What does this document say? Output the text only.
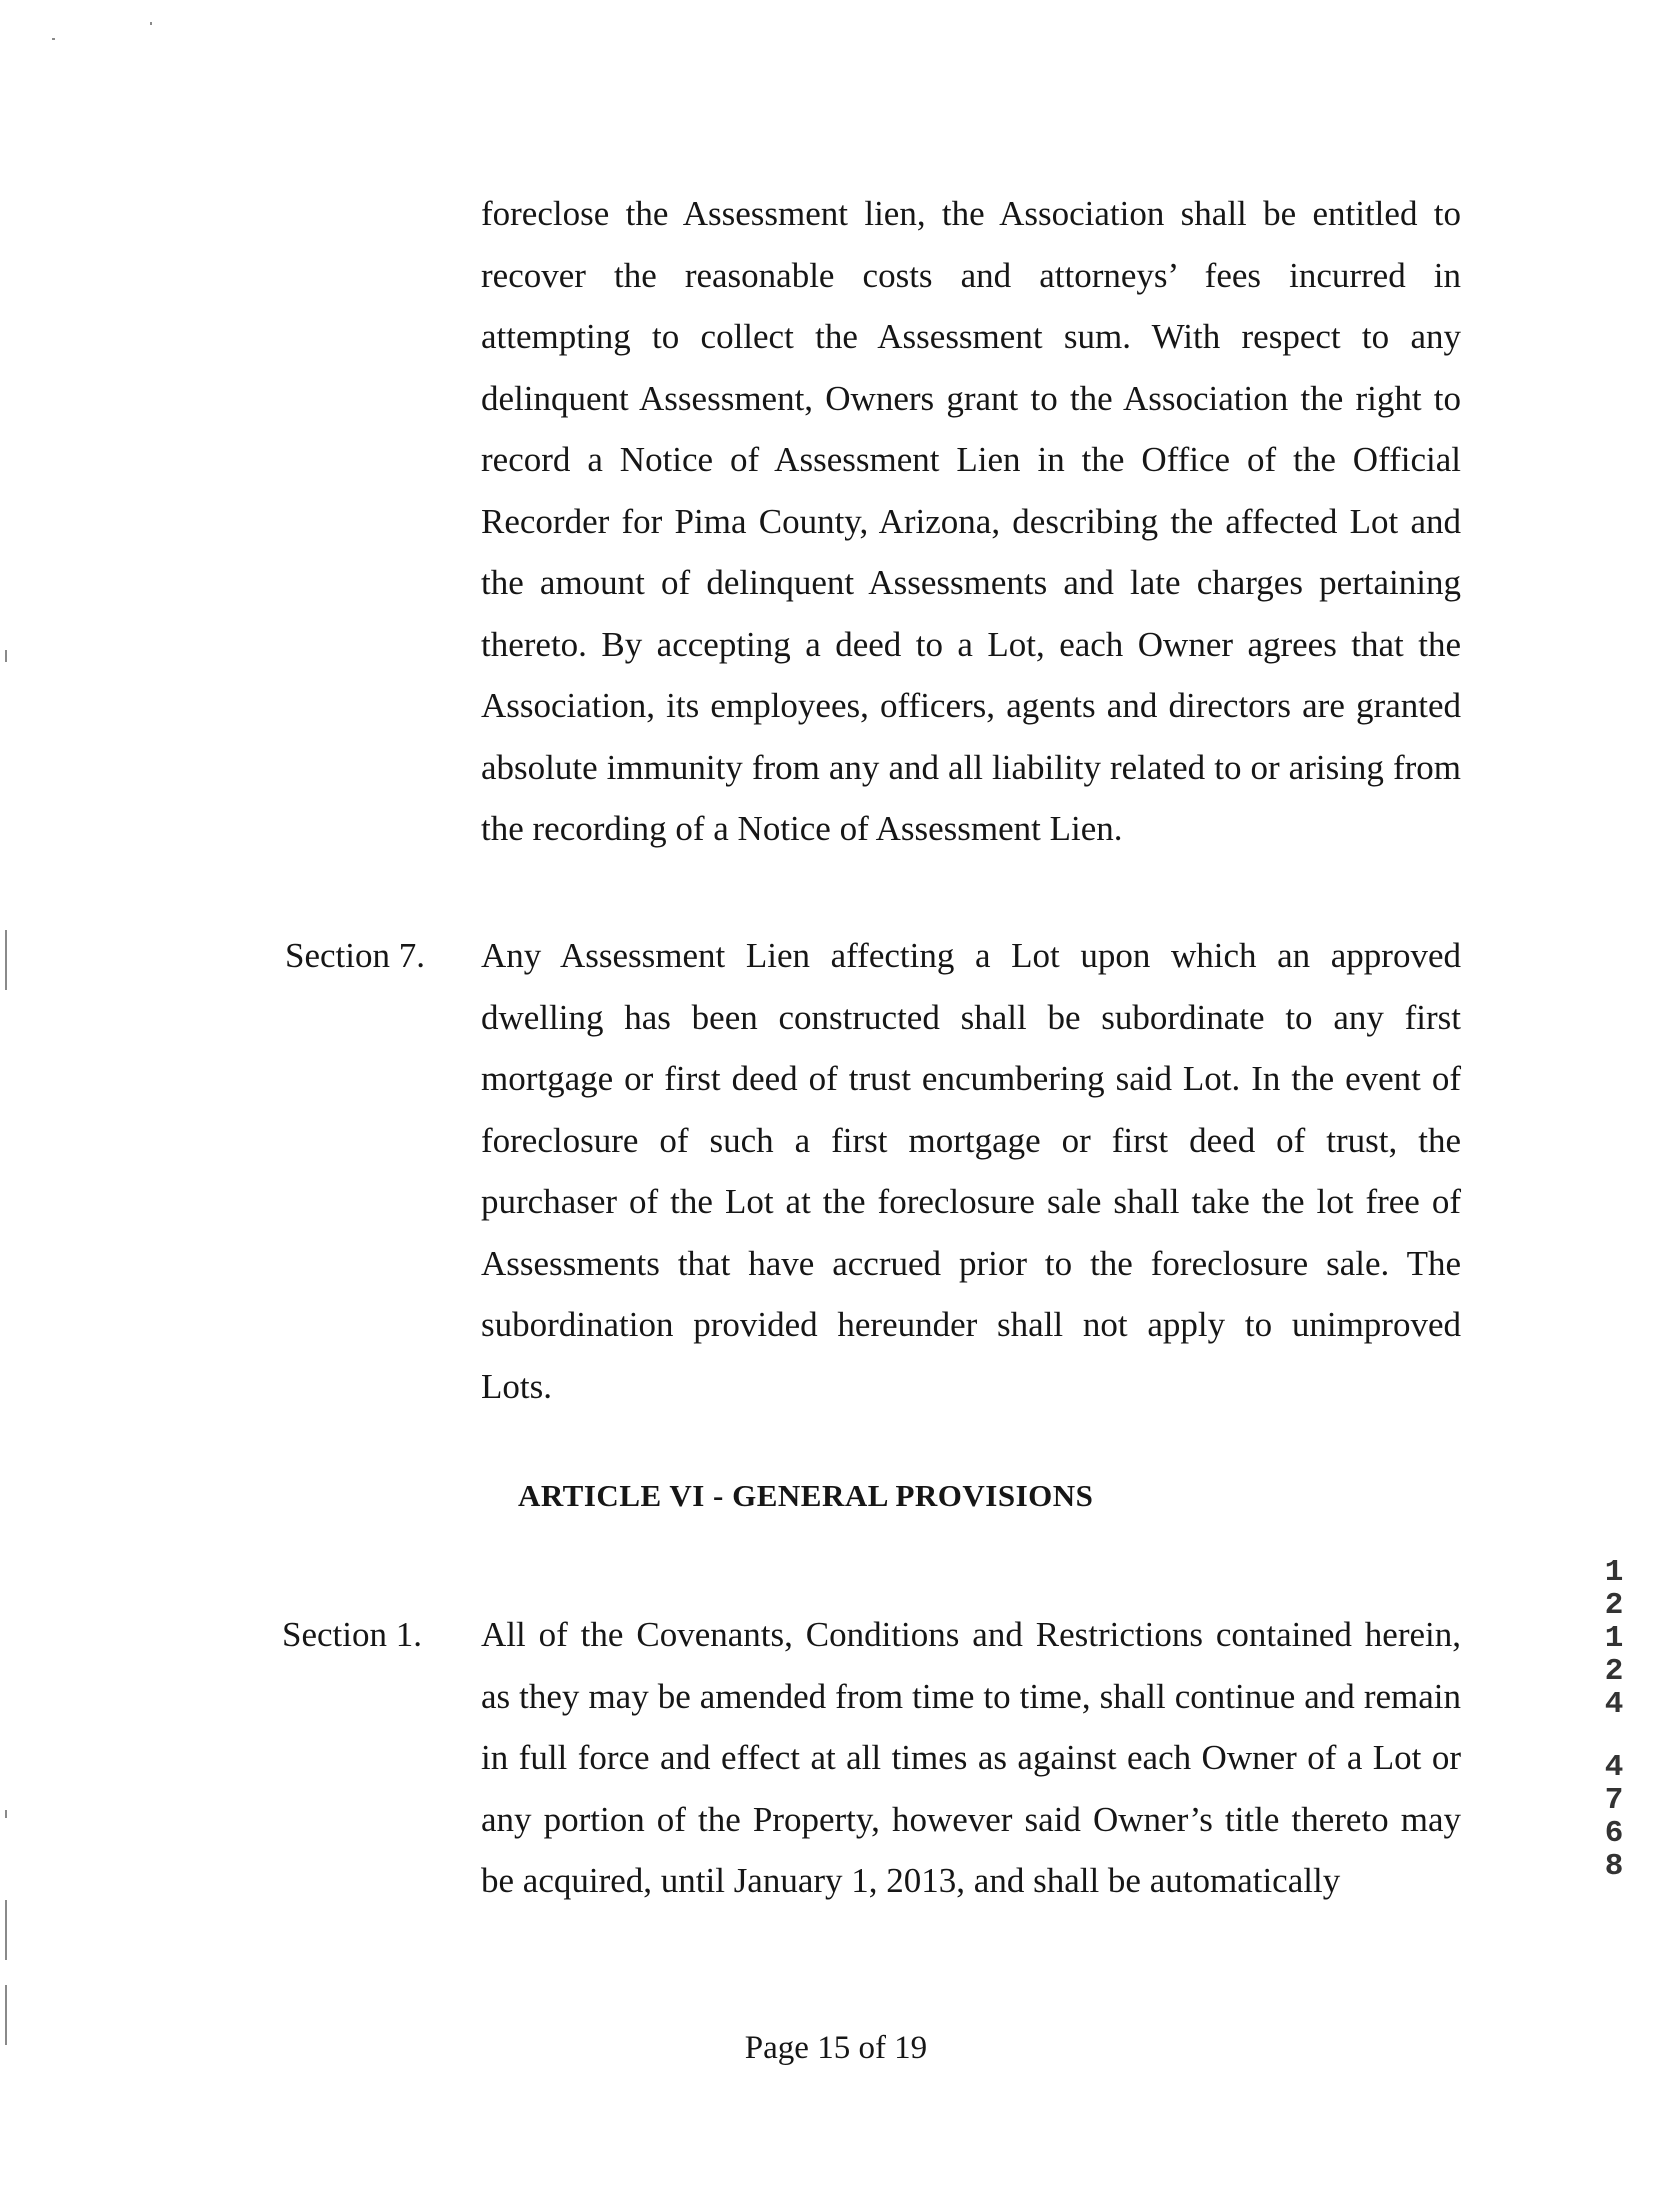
foreclose the Assessment lien, the Association shall be entitled to recover the reasonable costs and attorneys’ fees incurred in attempting to collect the Assessment sum. With respect to any delinquent Assessment, Owners grant to the Association the right to record a Notice of Assessment Lien in the Office of the Official Recorder for Pima County, Arizona, describing the affected Lot and the amount of delinquent Assessments and late charges pertaining thereto. By accepting a deed to a Lot, each Owner agrees that the Association, its employees, officers, agents and directors are granted absolute immunity from any and all liability related to or arising from the recording of a Notice of Assessment Lien.
Section 7. Any Assessment Lien affecting a Lot upon which an approved dwelling has been constructed shall be subordinate to any first mortgage or first deed of trust encumbering said Lot. In the event of foreclosure of such a first mortgage or first deed of trust, the purchaser of the Lot at the foreclosure sale shall take the lot free of Assessments that have accrued prior to the foreclosure sale. The subordination provided hereunder shall not apply to unimproved Lots.
ARTICLE VI - GENERAL PROVISIONS
Section 1. All of the Covenants, Conditions and Restrictions contained herein, as they may be amended from time to time, shall continue and remain in full force and effect at all times as against each Owner of a Lot or any portion of the Property, however said Owner’s title thereto may be acquired, until January 1, 2013, and shall be automatically
Page 15 of 19
1
2
1
2
4
4
7
6
8
